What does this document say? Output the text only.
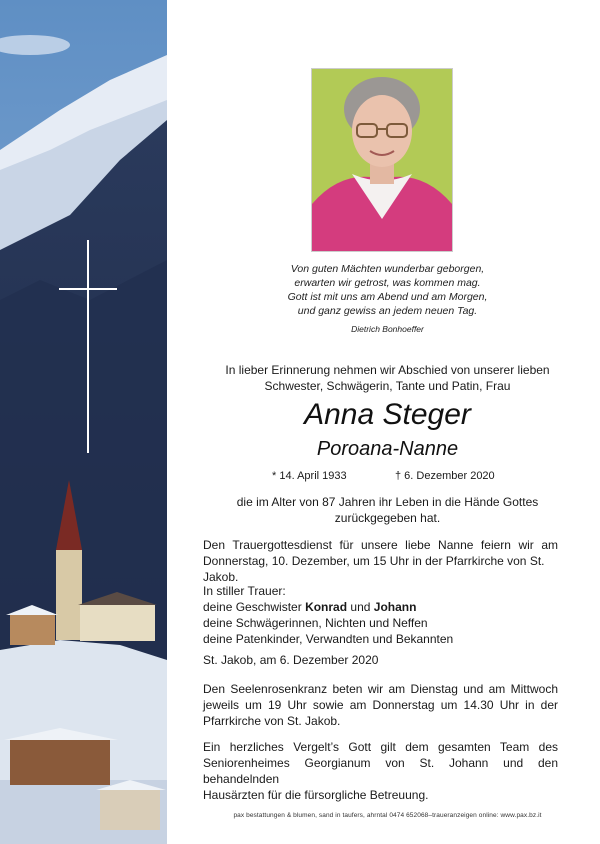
Von guten Mächten wunderbar geborgen,
erwarten wir getrost, was kommen mag.
Gott ist mit uns am Abend und am Morgen,
und ganz gewiss an jedem neuen Tag.
Dietrich Bonhoeffer
In lieber Erinnerung nehmen wir Abschied von unserer lieben
Schwester, Schwägerin, Tante und Patin, Frau
Anna Steger
Poroana-Nanne
* 14. April 1933	† 6. Dezember 2020
die im Alter von 87 Jahren ihr Leben in die Hände Gottes
zurückgegeben hat.
Den Trauergottesdienst für unsere liebe Nanne feiern wir am
Donnerstag, 10. Dezember, um 15 Uhr in der Pfarrkirche von St. Jakob.
In stiller Trauer:
deine Geschwister Konrad und Johann
deine Schwägerinnen, Nichten und Neffen
deine Patenkinder, Verwandten und Bekannten
St. Jakob, am 6. Dezember 2020
Den Seelenrosenkranz beten wir am Dienstag und am Mittwoch
jeweils um 19 Uhr sowie am Donnerstag um 14.30 Uhr in der
Pfarrkirche von St. Jakob.
Ein herzliches Vergelt’s Gott gilt dem gesamten Team des
Seniorenheimes Georgianum von St. Johann und den behandelnden
Hausärzten für die fürsorgliche Betreuung.
pax bestattungen & blumen, sand in taufers, ahrntal 0474 652068–traueranzeigen online: www.pax.bz.it
